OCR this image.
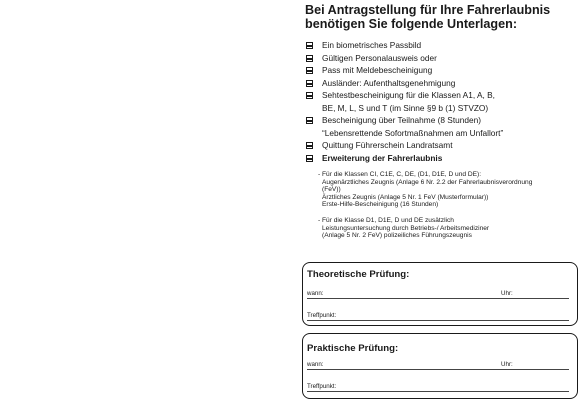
Bei Antragstellung für Ihre Fahrerlaubnis
benötigen Sie folgende Unterlagen:
Ein biometrisches Passbild
Gültigen Personalausweis oder
Pass mit Meldebescheinigung
Ausländer: Aufenthaltsgenehmigung
Sehtestbescheinigung für die Klassen A1, A, B,
BE, M, L, S und T (im Sinne §9 b (1) STVZO)
Bescheinigung über Teilnahme (8 Stunden)
“Lebensrettende Sofortmaßnahmen am Unfallort”
Quittung Führerschein Landratsamt
Erweiterung der Fahrerlaubnis
- Für die Klassen CI, C1E, C, DE, (D1, D1E, D und DE):
Augenärztliches Zeugnis (Anlage 6 Nr. 2.2 der Fahrerlaubnisverordnung
(FeV))
Ärztliches Zeugnis (Anlage 5 Nr. 1 FeV (Musterformular))
Erste-Hilfe-Bescheinigung (16 Stunden)
- Für die Klasse D1, D1E, D und DE zusätzlich
Leistungsuntersuchung durch Betriebs-/ Arbeitsmediziner
(Anlage 5 Nr. 2 FeV) polizeiliches Führungszeugnis
Theoretische Prüfung:
wann:	Uhr:
Treffpunkt:
Praktische Prüfung:
wann:	Uhr:
Treffpunkt:
